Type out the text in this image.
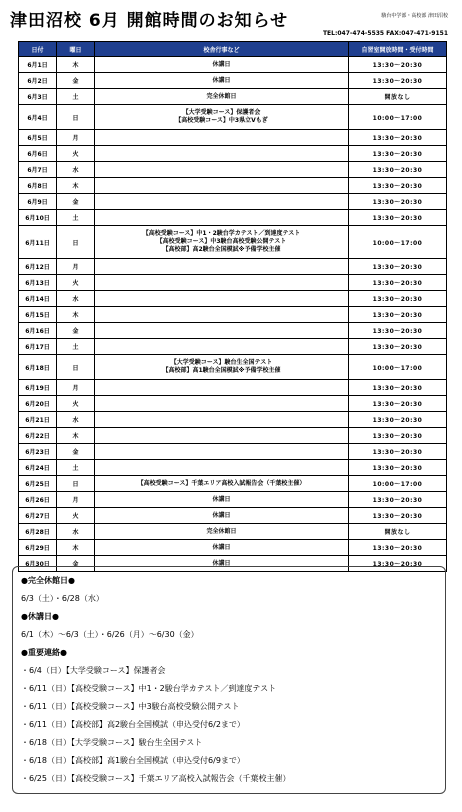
津田沼校 6月 開館時間のお知らせ	駿台中学部・高校部 津田沼校
TEL:047-474-5535 FAX:047-471-9151
日付	曜日	校舎行事など	自習室開放時間・受付時間
6月1日	木	休講日	13:30〜20:30
6月2日	金	休講日	13:30〜20:30
6月3日	土	完全休館日	開放なし
6月4日	日	【大学受験コース】保護者会
【高校受験コース】中3県立Vもぎ	10:00〜17:00
6月5日	月		13:30〜20:30
6月6日	火		13:30〜20:30
6月7日	水		13:30〜20:30
6月8日	木		13:30〜20:30
6月9日	金		13:30〜20:30
6月10日	土		13:30〜20:30
6月11日	日	【高校受験コース】中1・2駿台学カテスト／到達度テスト
【高校受験コース】中3駿台高校受験公開テスト
【高校部】高2駿台全国模試※予備学校主催	10:00〜17:00
6月12日	月		13:30〜20:30
6月13日	火		13:30〜20:30
6月14日	水		13:30〜20:30
6月15日	木		13:30〜20:30
6月16日	金		13:30〜20:30
6月17日	土		13:30〜20:30
6月18日	日	【大学受験コース】駿台生全国テスト
【高校部】高1駿台全国模試※予備学校主催	10:00〜17:00
6月19日	月		13:30〜20:30
6月20日	火		13:30〜20:30
6月21日	水		13:30〜20:30
6月22日	木		13:30〜20:30
6月23日	金		13:30〜20:30
6月24日	土		13:30〜20:30
6月25日	日	【高校受験コース】千葉エリア高校入試報告会（千葉校主催）	10:00〜17:00
6月26日	月	休講日	13:30〜20:30
6月27日	火	休講日	13:30〜20:30
6月28日	水	完全休館日	開放なし
6月29日	木	休講日	13:30〜20:30
6月30日	金	休講日	13:30〜20:30
●完全休館日●
6/3（土）・6/28（水）
●休講日●
6/1（木）〜6/3（土）・6/26（月）〜6/30（金）
●重要連絡●
・6/4（日）【大学受験コース】保護者会
・6/11（日）【高校受験コース】中1・2駿台学カテスト／到達度テスト
・6/11（日）【高校受験コース】中3駿台高校受験公開テスト
・6/11（日）【高校部】高2駿台全国模試（申込受付6/2まで）
・6/18（日）【大学受験コース】駿台生全国テスト
・6/18（日）【高校部】高1駿台全国模試（申込受付6/9まで）
・6/25（日）【高校受験コース】千葉エリア高校入試報告会（千葉校主催）
